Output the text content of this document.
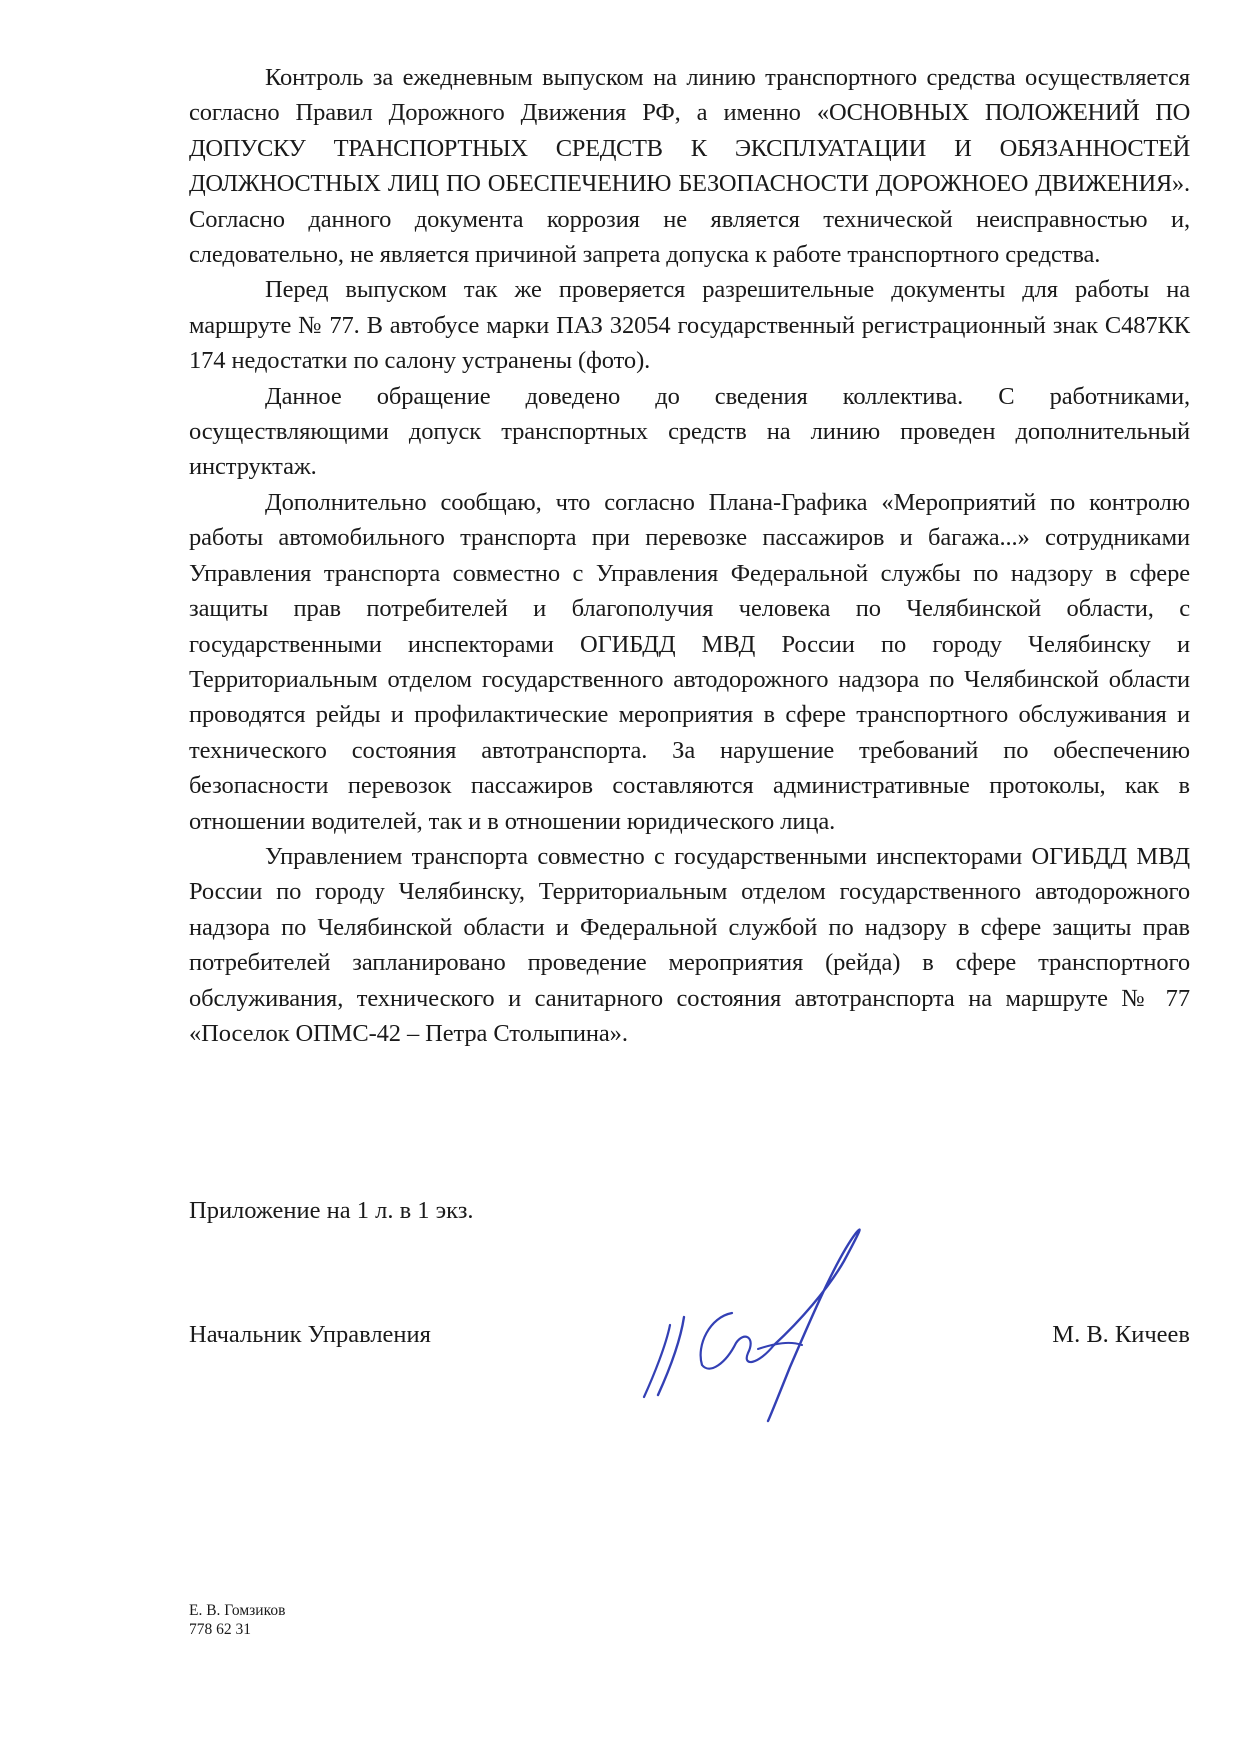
Контроль за ежедневным выпуском на линию транспортного средства осуществляется согласно Правил Дорожного Движения РФ, а именно «ОСНОВНЫХ ПОЛОЖЕНИЙ ПО ДОПУСКУ ТРАНСПОРТНЫХ СРЕДСТВ К ЭКСПЛУАТАЦИИ И ОБЯЗАННОСТЕЙ ДОЛЖНОСТНЫХ ЛИЦ ПО ОБЕСПЕЧЕНИЮ БЕЗОПАСНОСТИ ДОРОЖНОЕО ДВИЖЕНИЯ». Согласно данного документа коррозия не является технической неисправностью и, следовательно, не является причиной запрета допуска к работе транспортного средства.

Перед выпуском так же проверяется разрешительные документы для работы на маршруте № 77. В автобусе марки ПАЗ 32054 государственный регистрационный знак С487КК 174 недостатки по салону устранены (фото).

Данное обращение доведено до сведения коллектива. С работниками, осуществляющими допуск транспортных средств на линию проведен дополнительный инструктаж.

Дополнительно сообщаю, что согласно Плана-Графика «Мероприятий по контролю работы автомобильного транспорта при перевозке пассажиров и багажа...» сотрудниками Управления транспорта совместно с Управления Федеральной службы по надзору в сфере защиты прав потребителей и благополучия человека по Челябинской области, с государственными инспекторами ОГИБДД МВД России по городу Челябинску и Территориальным отделом государственного автодорожного надзора по Челябинской области проводятся рейды и профилактические мероприятия в сфере транспортного обслуживания и технического состояния автотранспорта. За нарушение требований по обеспечению безопасности перевозок пассажиров составляются административные протоколы, как в отношении водителей, так и в отношении юридического лица.

Управлением транспорта совместно с государственными инспекторами ОГИБДД МВД России по городу Челябинску, Территориальным отделом государственного автодорожного надзора по Челябинской области и Федеральной службой по надзору в сфере защиты прав потребителей запланировано проведение мероприятия (рейда) в сфере транспортного обслуживания, технического и санитарного состояния автотранспорта на маршруте № 77 «Поселок ОПМС-42 – Петра Столыпина».

Приложение на 1 л. в 1 экз.

Начальник Управления	М. В. Кичеев
Е. В. Гомзиков
778 62 31
